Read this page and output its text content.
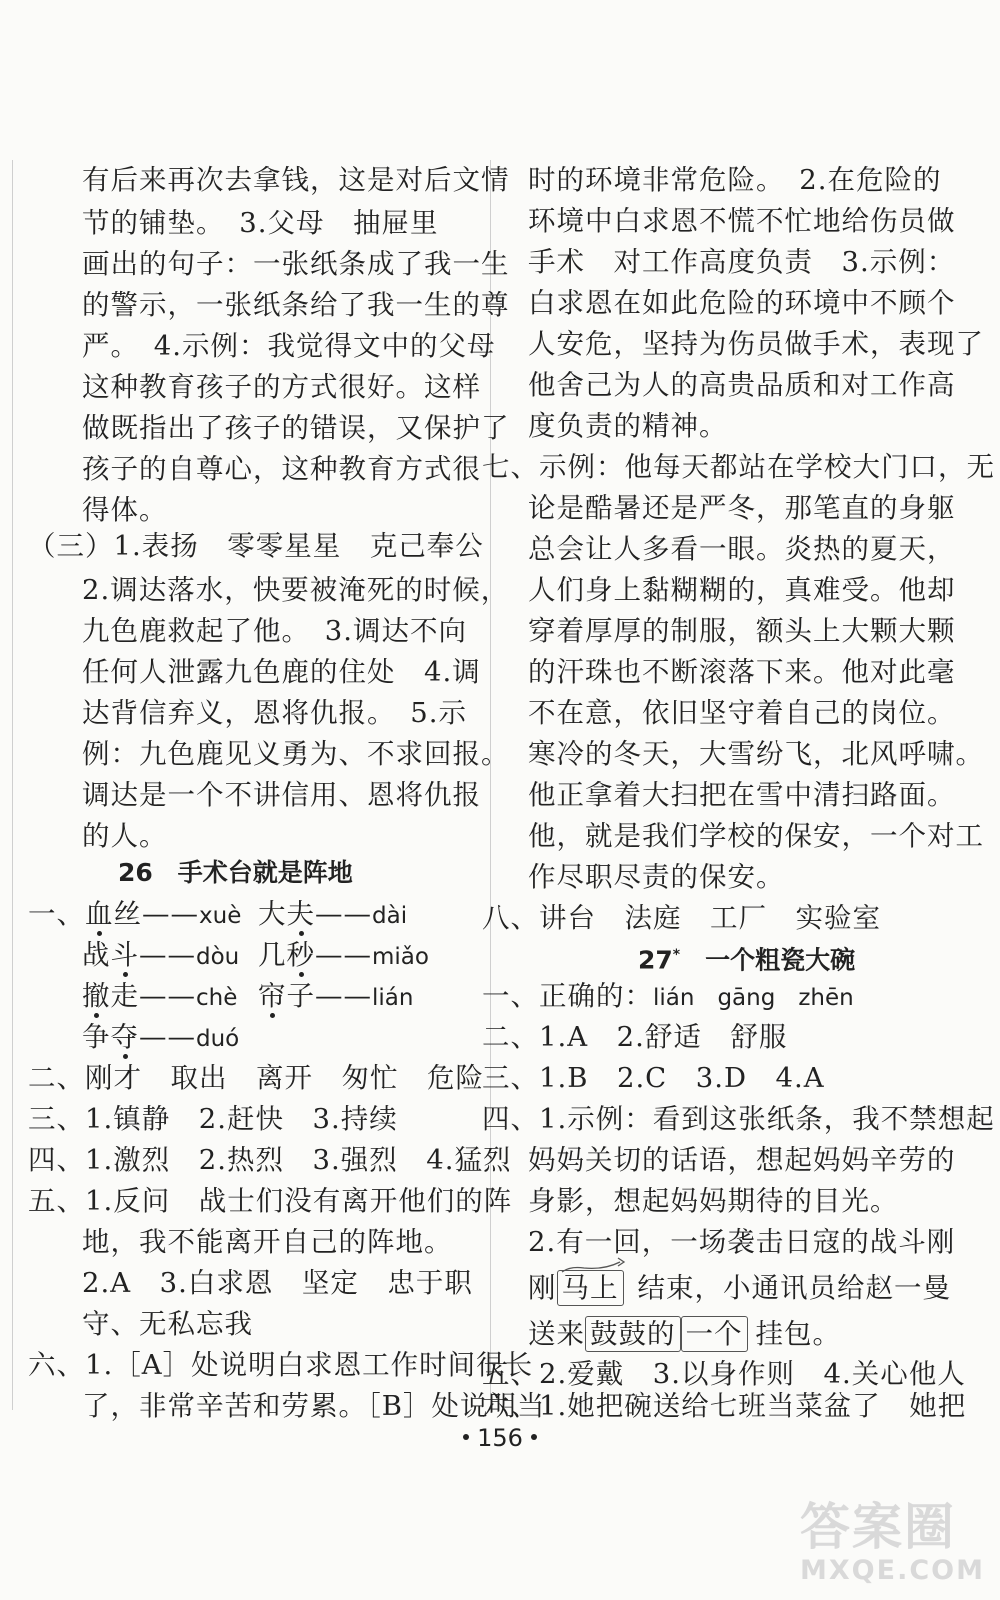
有后来再次去拿钱，这是对后文情
节的铺垫。　3.父母　抽屉里
画出的句子：一张纸条成了我一生
的警示，一张纸条给了我一生的尊
严。　4.示例：我觉得文中的父母
这种教育孩子的方式很好。这样
做既指出了孩子的错误，又保护了
孩子的自尊心，这种教育方式很
得体。
（三）1.表扬　零零星星　克己奉公
2.调达落水，快要被淹死的时候，
九色鹿救起了他。　3.调达不向
任何人泄露九色鹿的住处　4.调
达背信弃义，恩将仇报。　5.示
例：九色鹿见义勇为、不求回报。
调达是一个不讲信用、恩将仇报
的人。
26　手术台就是阵地
一、血丝——xuè 大夫——dài
战斗——dòu 几秒——miǎo
撤走——chè 帘子——lián
争夺——duó
二、刚才　取出　离开　匆忙　危险
三、1.镇静　2.赶快　3.持续
四、1.激烈　2.热烈　3.强烈　4.猛烈
五、1.反问　战士们没有离开他们的阵
地，我不能离开自己的阵地。
2.A　3.白求恩　坚定　忠于职
守、无私忘我
六、1.［A］处说明白求恩工作时间很长
了，非常辛苦和劳累。［B］处说明当
时的环境非常危险。　2.在危险的
环境中白求恩不慌不忙地给伤员做
手术　对工作高度负责　3.示例：
白求恩在如此危险的环境中不顾个
人安危，坚持为伤员做手术，表现了
他舍己为人的高贵品质和对工作高
度负责的精神。
七、示例：他每天都站在学校大门口，无
论是酷暑还是严冬，那笔直的身躯
总会让人多看一眼。炎热的夏天，
人们身上黏糊糊的，真难受。他却
穿着厚厚的制服，额头上大颗大颗
的汗珠也不断滚落下来。他对此毫
不在意，依旧坚守着自己的岗位。
寒冷的冬天，大雪纷飞，北风呼啸。
他正拿着大扫把在雪中清扫路面。
他，就是我们学校的保安，一个对工
作尽职尽责的保安。
八、讲台　法庭　工厂　实验室
27*　 一个粗瓷大碗
一、正确的：lián　gāng　zhēn
二、1.A　2.舒适　舒服
三、1.B　2.C　3.D　4.A
四、1.示例：看到这张纸条，我不禁想起
妈妈关切的话语，想起妈妈辛劳的
身影，想起妈妈期待的目光。
2.有一回，一场袭击日寇的战斗刚
刚 马上 结束，小通讯员给赵一曼
送来 鼓鼓的 一个 挂包。
五、2.爱戴　3.以身作则　4.关心他人
六、1.她把碗送给七班当菜盆了　她把
156
答案圈
MXQE.COM
